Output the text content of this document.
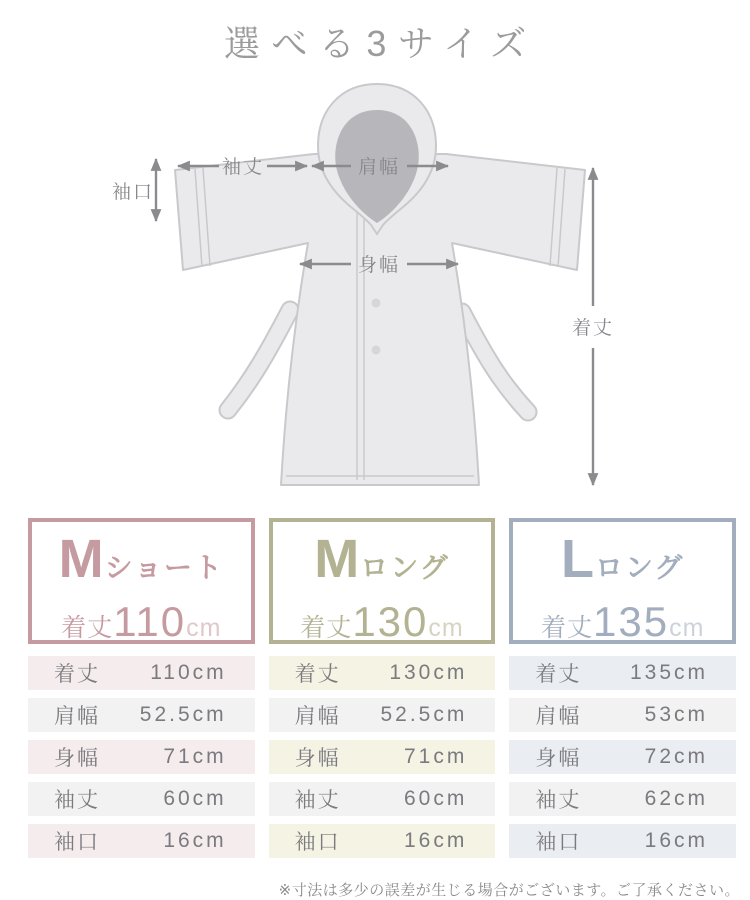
選べる3サイズ
袖丈	肩幅
袖口
身幅
着丈
Mショート
着丈110cm
着丈 110cm
肩幅 52.5cm
身幅	71cm
袖丈	60cm
袖口	16cm
Mロング
着丈130cm
着丈 130cm
肩幅 52.5cm
身幅	71cm
袖丈	60cm
袖口	16cm
Lロング
着丈135cm
着丈 135cm
肩幅	53cm
身幅	72cm
袖丈	62cm
袖口	16cm
※寸法は多少の誤差が生じる場合がございます。ご了承ください。
